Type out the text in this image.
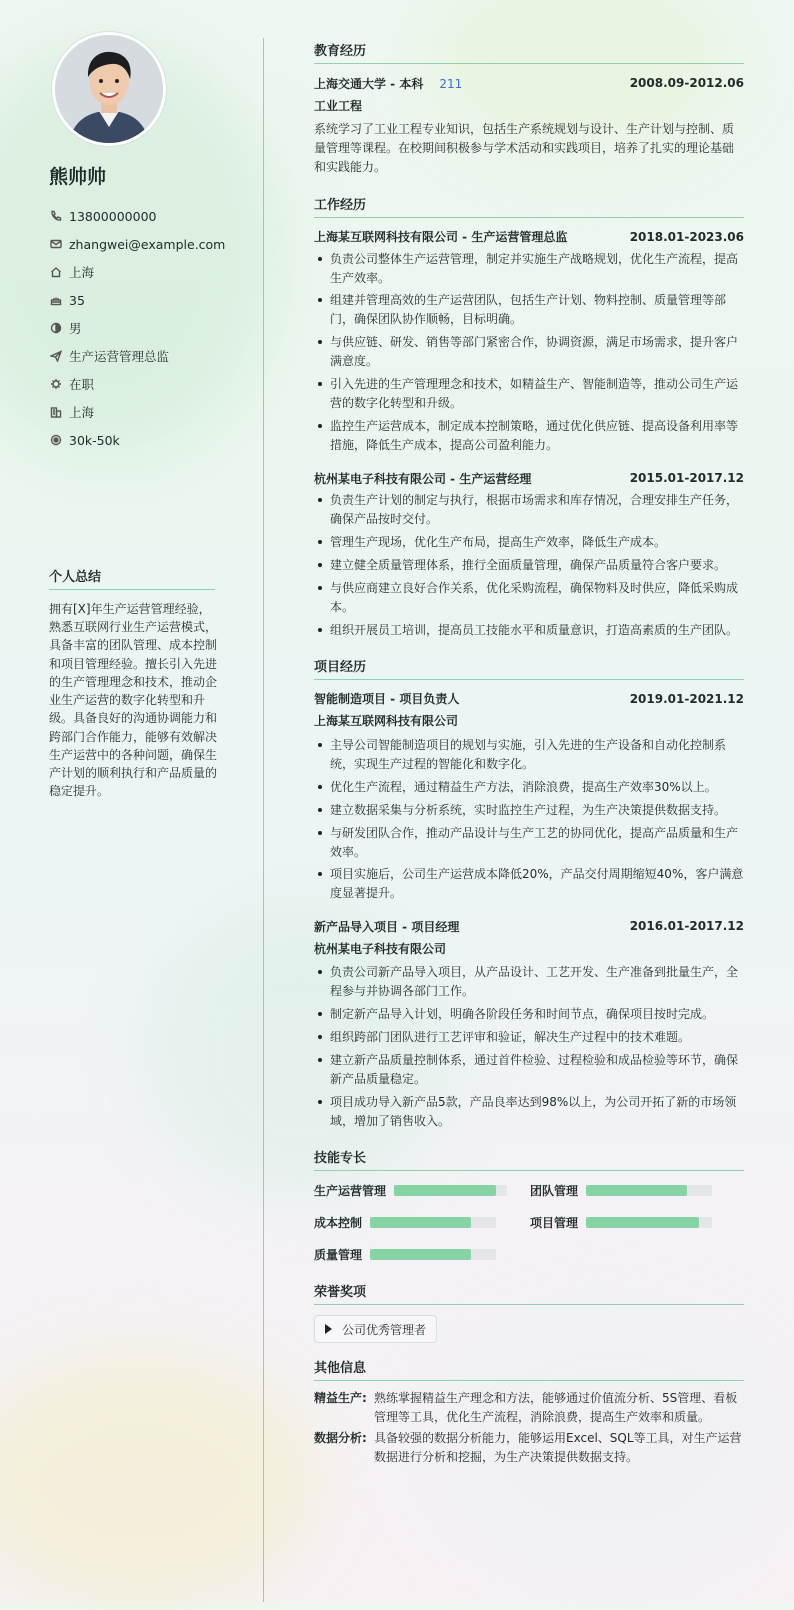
熊帅帅
13800000000
zhangwei@example.com
上海
35
男
生产运营管理总监
在职
上海
30k-50k
个人总结
拥有[X]年生产运营管理经验，熟悉互联网行业生产运营模式，具备丰富的团队管理、成本控制和项目管理经验。擅长引入先进的生产管理理念和技术，推动企业生产运营的数字化转型和升级。具备良好的沟通协调能力和跨部门合作能力，能够有效解决生产运营中的各种问题，确保生产计划的顺利执行和产品质量的稳定提升。
教育经历
上海交通大学 - 本科 211	2008.09-2012.06
工业工程

系统学习了工业工程专业知识，包括生产系统规划与设计、生产计划与控制、质量管理等课程。在校期间积极参与学术活动和实践项目，培养了扎实的理论基础和实践能力。

工作经历
上海某互联网科技有限公司 - 生产运营管理总监	2018.01-2023.06
负责公司整体生产运营管理，制定并实施生产战略规划，优化生产流程，提高生产效率。
组建并管理高效的生产运营团队，包括生产计划、物料控制、质量管理等部门，确保团队协作顺畅，目标明确。
与供应链、研发、销售等部门紧密合作，协调资源，满足市场需求，提升客户满意度。
引入先进的生产管理理念和技术，如精益生产、智能制造等，推动公司生产运营的数字化转型和升级。
监控生产运营成本，制定成本控制策略，通过优化供应链、提高设备利用率等措施，降低生产成本，提高公司盈利能力。
杭州某电子科技有限公司 - 生产运营经理	2015.01-2017.12
负责生产计划的制定与执行，根据市场需求和库存情况，合理安排生产任务，确保产品按时交付。
管理生产现场，优化生产布局，提高生产效率，降低生产成本。
建立健全质量管理体系，推行全面质量管理，确保产品质量符合客户要求。
与供应商建立良好合作关系，优化采购流程，确保物料及时供应，降低采购成本。
组织开展员工培训，提高员工技能水平和质量意识，打造高素质的生产团队。
项目经历
智能制造项目 - 项目负责人	2019.01-2021.12
上海某互联网科技有限公司
主导公司智能制造项目的规划与实施，引入先进的生产设备和自动化控制系统，实现生产过程的智能化和数字化。
优化生产流程，通过精益生产方法，消除浪费，提高生产效率30%以上。
建立数据采集与分析系统，实时监控生产过程，为生产决策提供数据支持。
与研发团队合作，推动产品设计与生产工艺的协同优化，提高产品质量和生产效率。
项目实施后，公司生产运营成本降低20%，产品交付周期缩短40%，客户满意度显著提升。
新产品导入项目 - 项目经理	2016.01-2017.12
杭州某电子科技有限公司
负责公司新产品导入项目，从产品设计、工艺开发、生产准备到批量生产，全程参与并协调各部门工作。
制定新产品导入计划，明确各阶段任务和时间节点，确保项目按时完成。
组织跨部门团队进行工艺评审和验证，解决生产过程中的技术难题。
建立新产品质量控制体系，通过首件检验、过程检验和成品检验等环节，确保新产品质量稳定。
项目成功导入新产品5款，产品良率达到98%以上，为公司开拓了新的市场领域，增加了销售收入。
技能专长
生产运营管理	团队管理
成本控制	项目管理
质量管理
荣誉奖项
公司优秀管理者
其他信息
精益生产: 熟练掌握精益生产理念和方法，能够通过价值流分析、5S管理、看板管理等工具，优化生产流程，消除浪费，提高生产效率和质量。
数据分析: 具备较强的数据分析能力，能够运用Excel、SQL等工具，对生产运营数据进行分析和挖掘，为生产决策提供数据支持。
